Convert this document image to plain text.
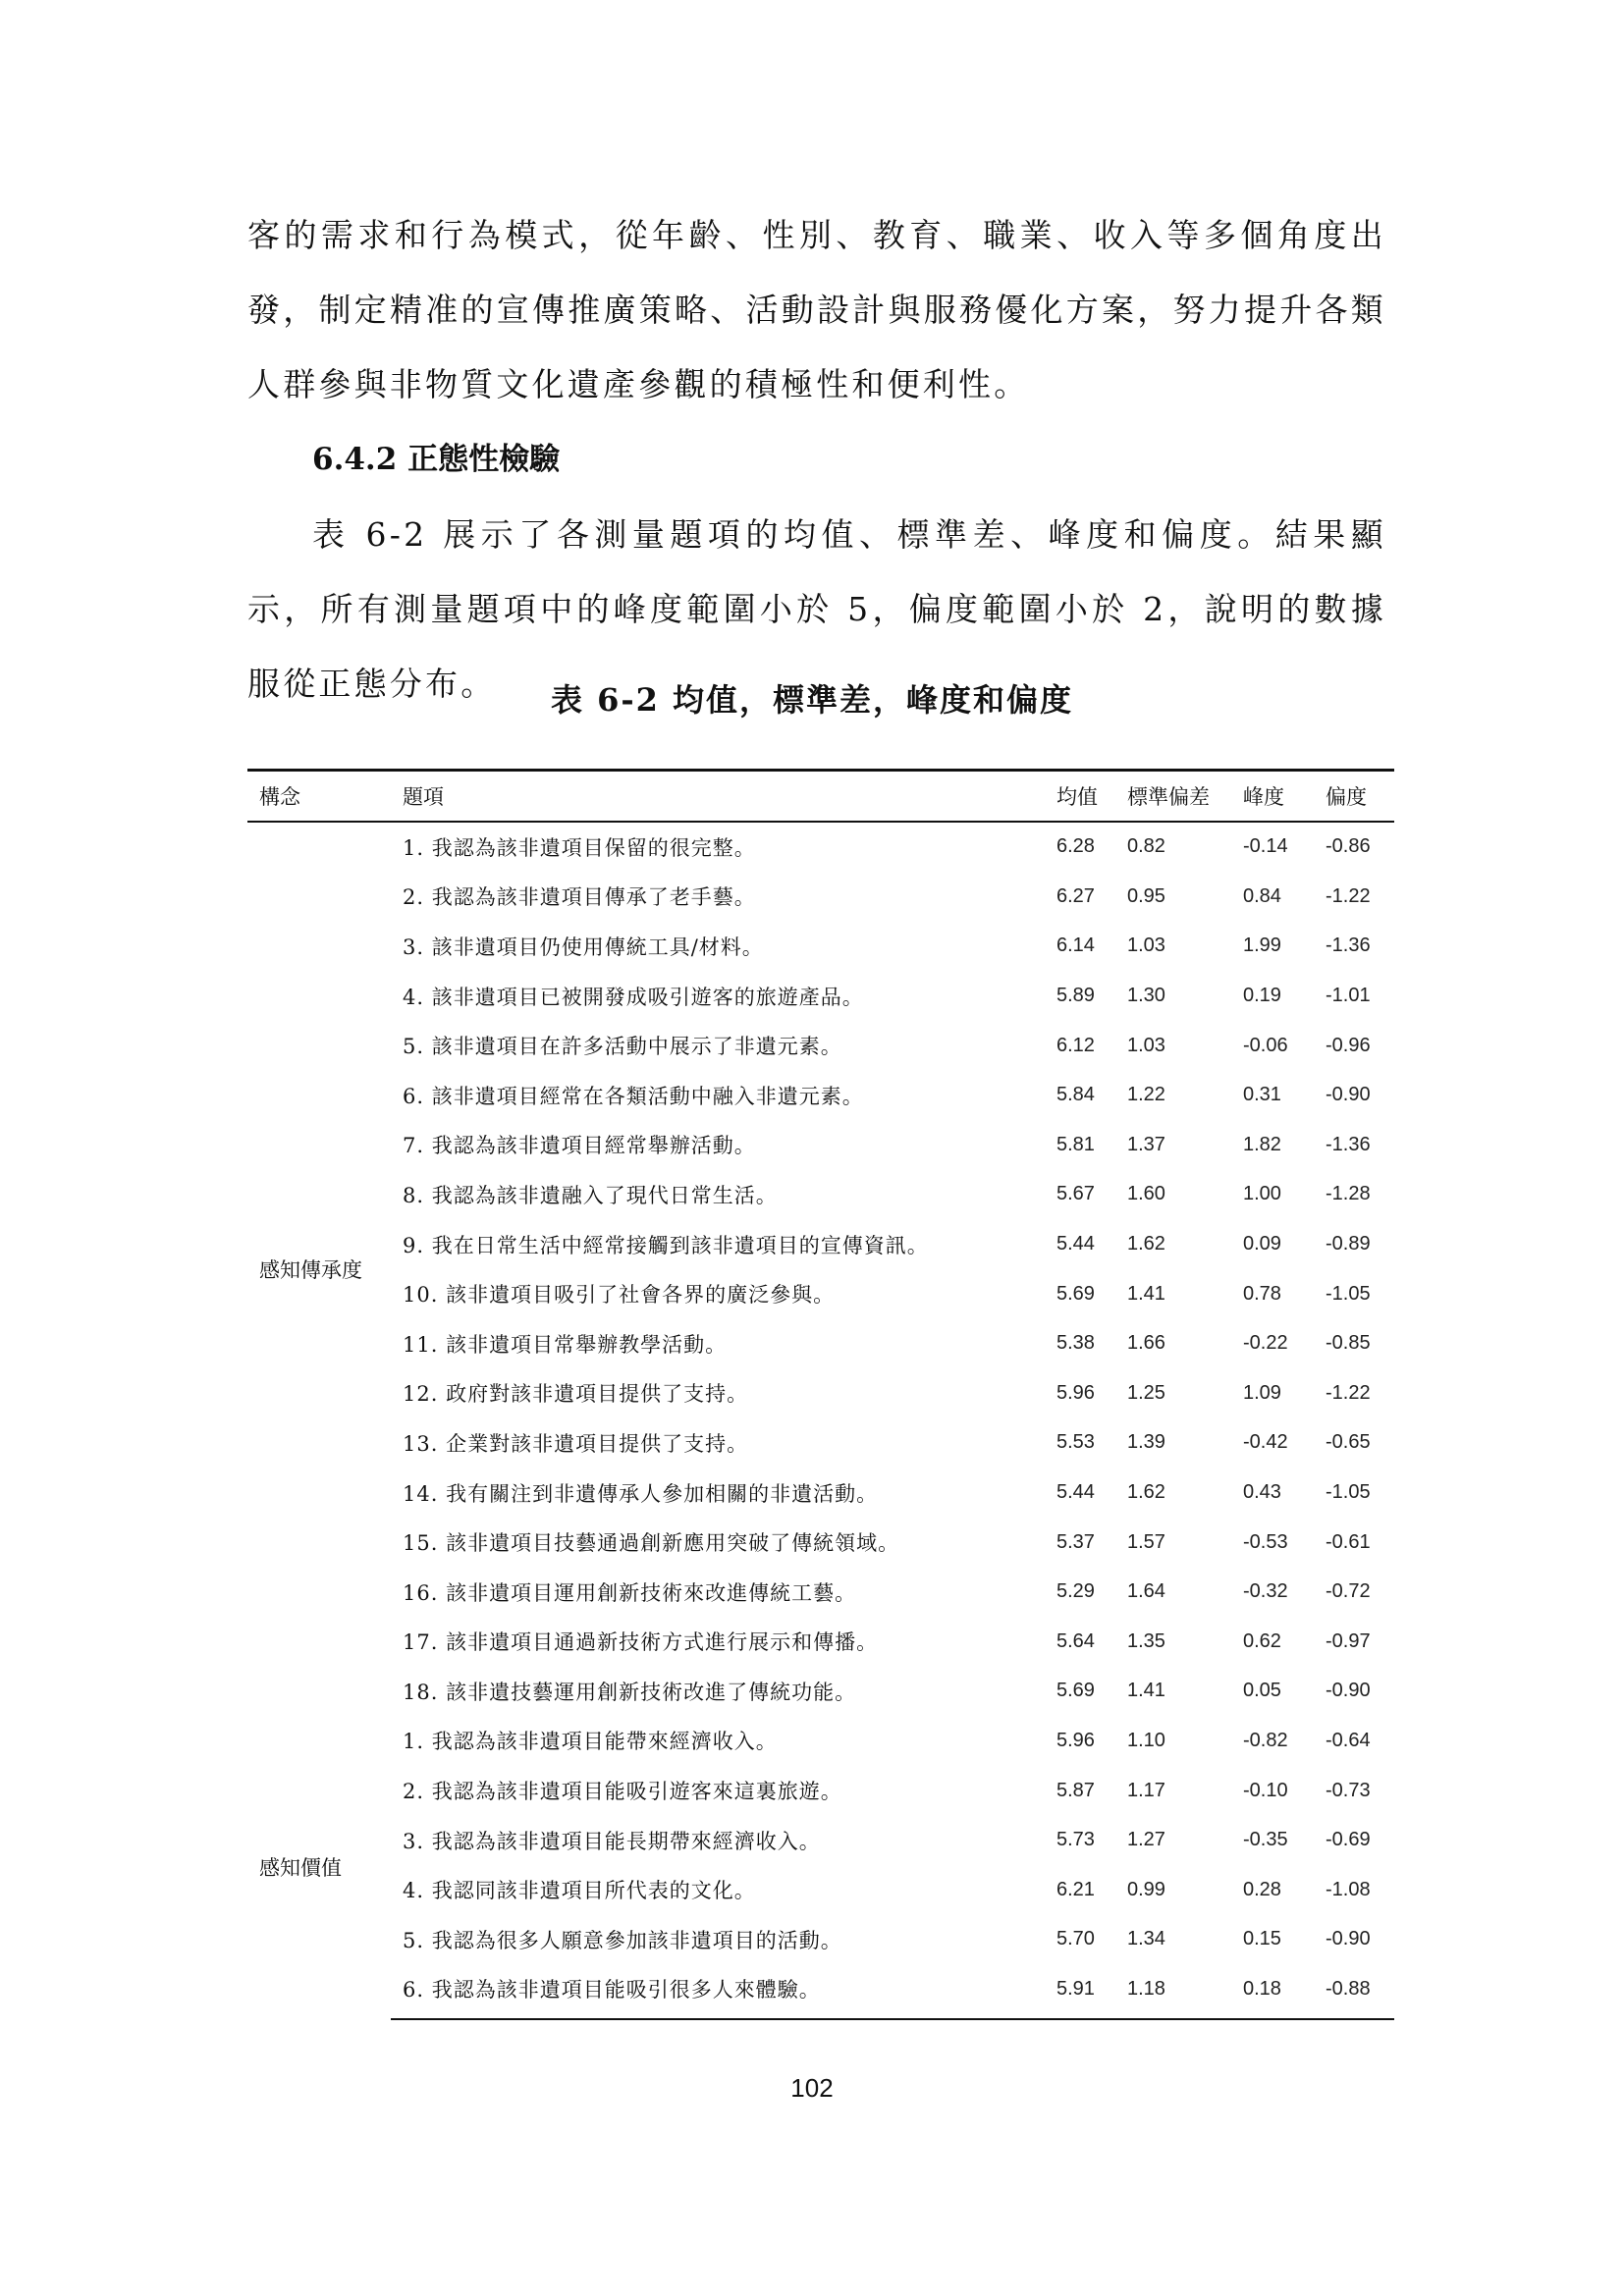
客的需求和行為模式，從年齡、性別、教育、職業、收入等多個角度出發，制定精准的宣傳推廣策略、活動設計與服務優化方案，努力提升各類人群參與非物質文化遺產參觀的積極性和便利性。

6.4.2 正態性檢驗

表 6-2 展示了各測量題項的均值、標準差、峰度和偏度。結果顯示，所有測量題項中的峰度範圍小於 5，偏度範圍小於 2，說明的數據服從正態分布。	表 6-2 均值，標準差，峰度和偏度
構念	題項	均值	標準偏差	峰度	偏度
感知傳承度	1. 我認為該非遺項目保留的很完整。	6.28	0.82	-0.14	-0.86
	2. 我認為該非遺項目傳承了老手藝。	6.27	0.95	0.84	-1.22
	3. 該非遺項目仍使用傳統工具/材料。	6.14	1.03	1.99	-1.36
	4. 該非遺項目已被開發成吸引遊客的旅遊產品。	5.89	1.30	0.19	-1.01
	5. 該非遺項目在許多活動中展示了非遺元素。	6.12	1.03	-0.06	-0.96
	6. 該非遺項目經常在各類活動中融入非遺元素。	5.84	1.22	0.31	-0.90
	7. 我認為該非遺項目經常舉辦活動。	5.81	1.37	1.82	-1.36
	8. 我認為該非遺融入了現代日常生活。	5.67	1.60	1.00	-1.28
	9. 我在日常生活中經常接觸到該非遺項目的宣傳資訊。	5.44	1.62	0.09	-0.89
	10. 該非遺項目吸引了社會各界的廣泛參與。	5.69	1.41	0.78	-1.05
	11. 該非遺項目常舉辦教學活動。	5.38	1.66	-0.22	-0.85
	12. 政府對該非遺項目提供了支持。	5.96	1.25	1.09	-1.22
	13. 企業對該非遺項目提供了支持。	5.53	1.39	-0.42	-0.65
	14. 我有關注到非遺傳承人參加相關的非遺活動。	5.44	1.62	0.43	-1.05
	15. 該非遺項目技藝通過創新應用突破了傳統領域。	5.37	1.57	-0.53	-0.61
	16. 該非遺項目運用創新技術來改進傳統工藝。	5.29	1.64	-0.32	-0.72
	17. 該非遺項目通過新技術方式進行展示和傳播。	5.64	1.35	0.62	-0.97
	18. 該非遺技藝運用創新技術改進了傳統功能。	5.69	1.41	0.05	-0.90
感知價值	1. 我認為該非遺項目能帶來經濟收入。	5.96	1.10	-0.82	-0.64
	2. 我認為該非遺項目能吸引遊客來這裏旅遊。	5.87	1.17	-0.10	-0.73
	3. 我認為該非遺項目能長期帶來經濟收入。	5.73	1.27	-0.35	-0.69
	4. 我認同該非遺項目所代表的文化。	6.21	0.99	0.28	-1.08
	5. 我認為很多人願意參加該非遺項目的活動。	5.70	1.34	0.15	-0.90
	6. 我認為該非遺項目能吸引很多人來體驗。	5.91	1.18	0.18	-0.88
102
